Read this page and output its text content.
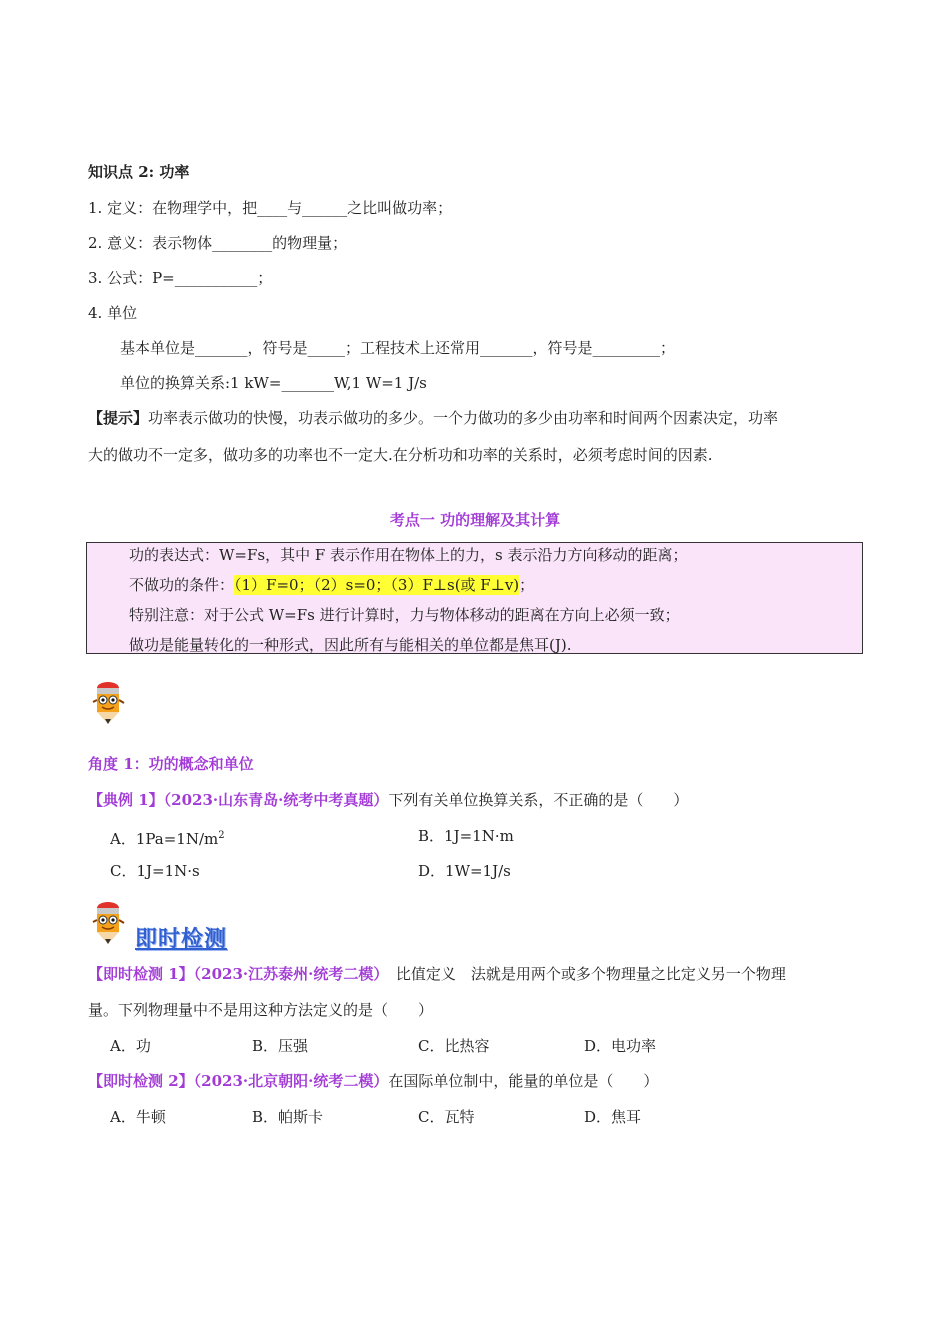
知识点 2: 功率
1. 定义：在物理学中，把____与______之比叫做功率；
2. 意义：表示物体________的物理量；
3. 公式：P=___________；
4. 单位
基本单位是_______，符号是_____；工程技术上还常用_______，符号是_________；
单位的换算关系:1 kW=_______W,1 W=1 J/s
【提示】功率表示做功的快慢，功表示做功的多少。一个力做功的多少由功率和时间两个因素决定，功率
大的做功不一定多，做功多的功率也不一定大.在分析功和功率的关系时，必须考虑时间的因素.
考点一 功的理解及其计算
功的表达式：W=Fs，其中 F 表示作用在物体上的力，s 表示沿力方向移动的距离；
不做功的条件：（1）F=0；（2）s=0；（3）F⊥s(或 F⊥v)；
特别注意：对于公式 W=Fs 进行计算时，力与物体移动的距离在方向上必须一致；
做功是能量转化的一种形式，因此所有与能相关的单位都是焦耳(J).
角度 1：功的概念和单位
【典例 1】（2023·山东青岛·统考中考真题）下列有关单位换算关系，不正确的是（　　）
A．$1Pa=1N/m^2$	B．1J=1N·m
C．1J=1N·s	D．1W=1J/s
即时检测
【即时检测 1】（2023·江苏泰州·统考二模）　比值定义　法就是用两个或多个物理量之比定义另一个物理
量。下列物理量中不是用这种方法定义的是（　　）
A．功	B．压强	C．比热容	D．电功率
【即时检测 2】（2023·北京朝阳·统考二模）在国际单位制中，能量的单位是（　　）
A．牛顿	B．帕斯卡	C．瓦特	D．焦耳
